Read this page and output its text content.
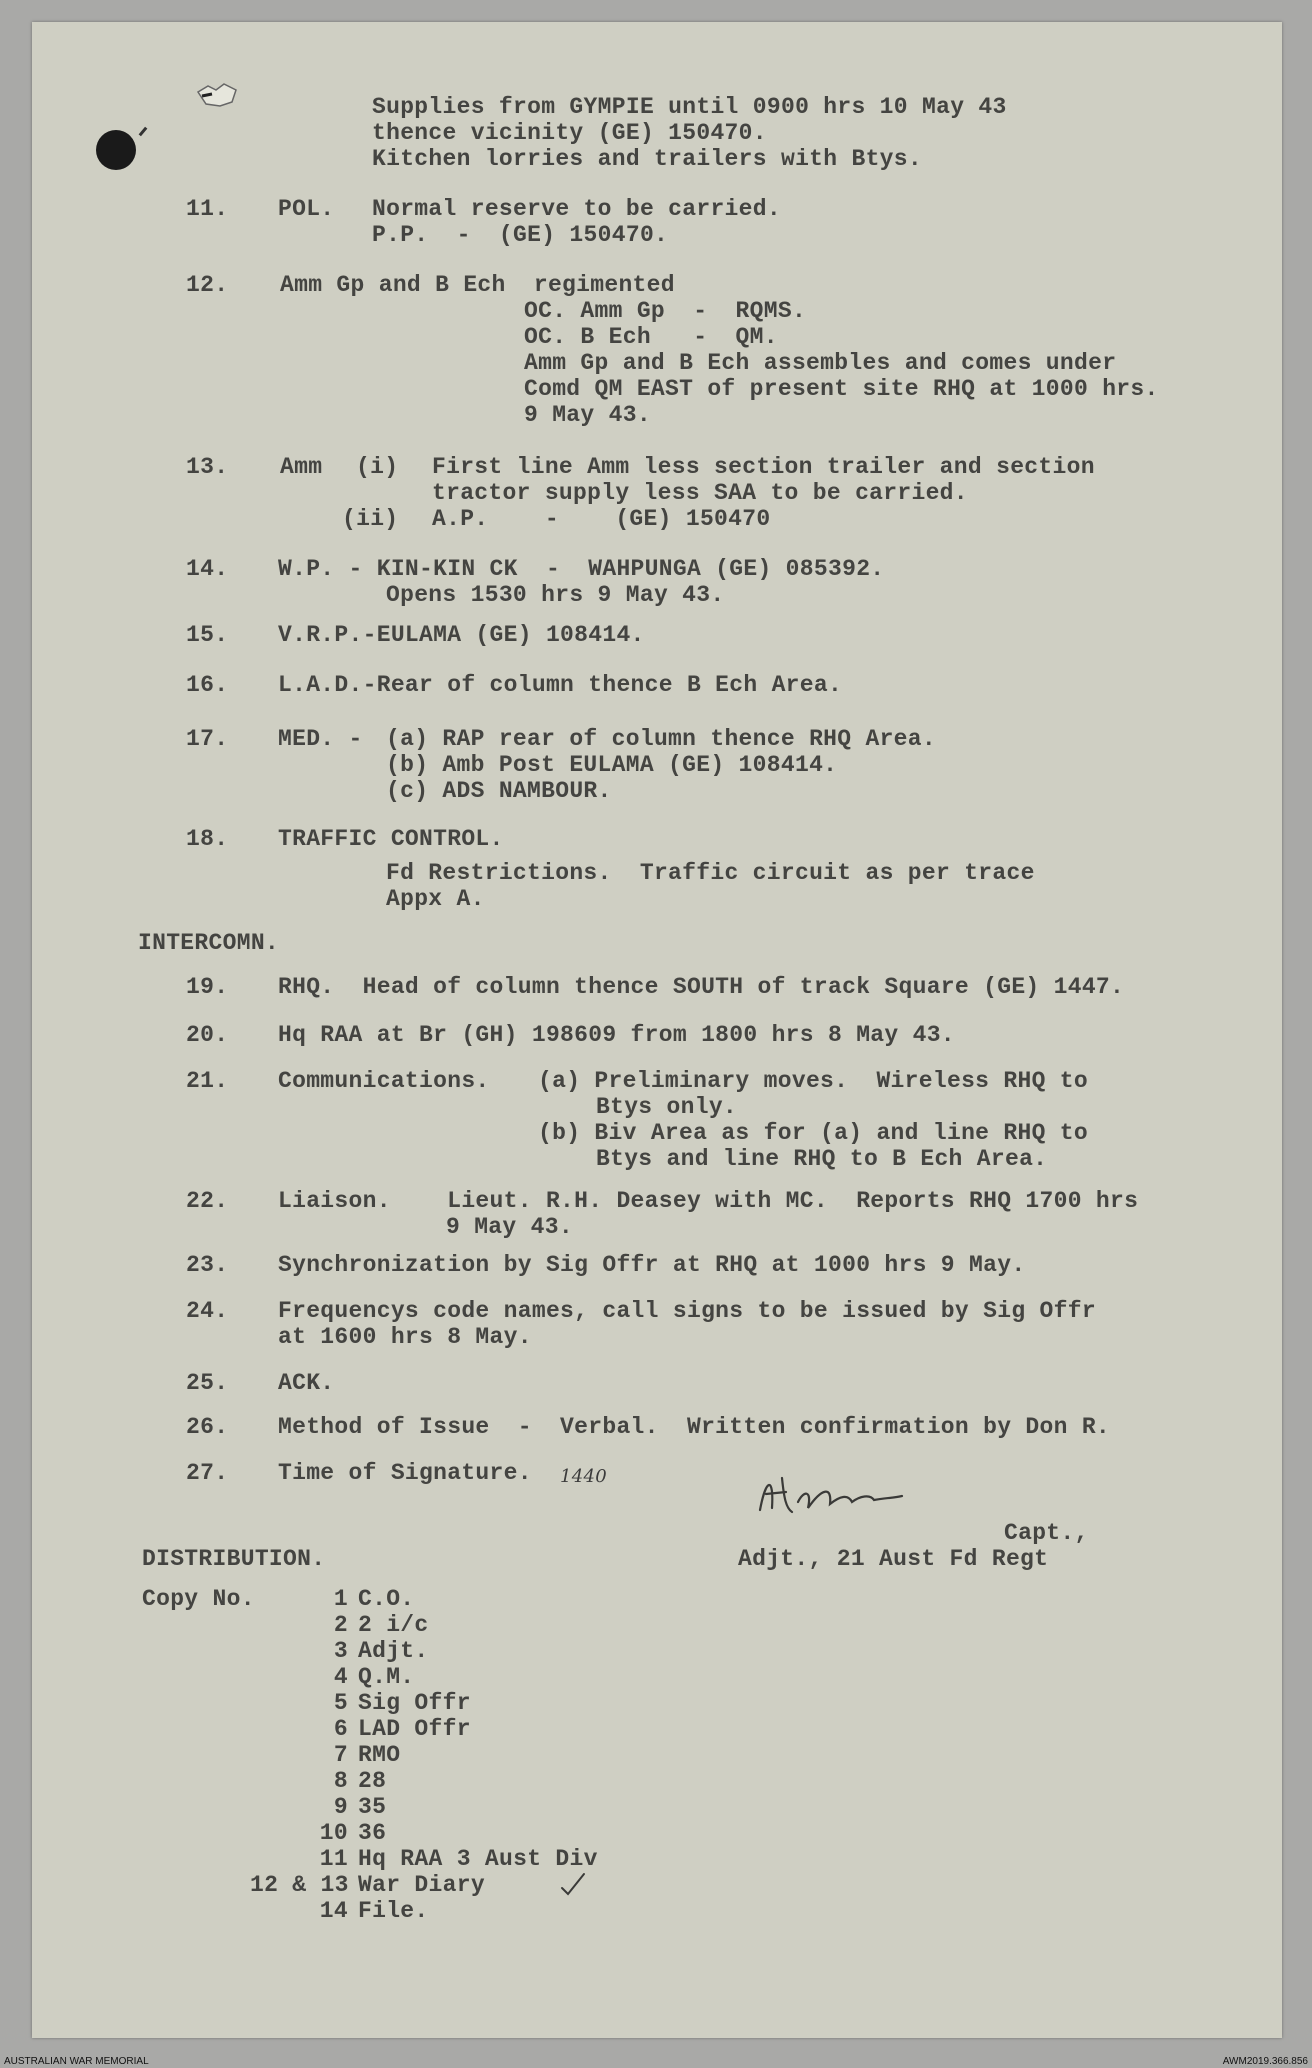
Supplies from GYMPIE until 0900 hrs 10 May 43

thence vicinity (GE) 150470.

Kitchen lorries and trailers with Btys.

11. POL. Normal reserve to be carried.

P.P.  -  (GE) 150470.

12. Amm Gp and B Ech  regimented

OC. Amm Gp  -  RQMS.

OC. B Ech   -  QM.

Amm Gp and B Ech assembles and comes under

Comd QM EAST of present site RHQ at 1000 hrs.

9 May 43.

13. Amm (i) First line Amm less section trailer and section

tractor supply less SAA to be carried.

(ii) A.P.    -    (GE) 150470

14. W.P. - KIN-KIN CK  -  WAHPUNGA (GE) 085392.

Opens 1530 hrs 9 May 43.

15. V.R.P.-EULAMA (GE) 108414.

16. L.A.D.-Rear of column thence B Ech Area.

17. MED. - (a) RAP rear of column thence RHQ Area.

(b) Amb Post EULAMA (GE) 108414.

(c) ADS NAMBOUR.

18. TRAFFIC CONTROL.

Fd Restrictions.  Traffic circuit as per trace

Appx A.

INTERCOMN.

19. RHQ.  Head of column thence SOUTH of track Square (GE) 1447.

20. Hq RAA at Br (GH) 198609 from 1800 hrs 8 May 43.

21. Communications. (a) Preliminary moves.  Wireless RHQ to

Btys only.

(b) Biv Area as for (a) and line RHQ to

Btys and line RHQ to B Ech Area.

22. Liaison.    Lieut. R.H. Deasey with MC.  Reports RHQ 1700 hrs

9 May 43.

23. Synchronization by Sig Offr at RHQ at 1000 hrs 9 May.

24. Frequencys code names, call signs to be issued by Sig Offr

at 1600 hrs 8 May.

25. ACK.

26. Method of Issue  -  Verbal.  Written confirmation by Don R.

27. Time of Signature. 1440

Capt.,

Adjt., 21 Aust Fd Regt

DISTRIBUTION.

Copy No.	1 C.O.

2 2 i/c

3 Adjt.

4 Q.M.

5 Sig Offr

6 LAD Offr

7 RMO

8 28

9 35

10 36

11 Hq RAA 3 Aust Div

12 & 13 War Diary

14 File.

AUSTRALIAN WAR MEMORIAL	AWM2019.366.856
